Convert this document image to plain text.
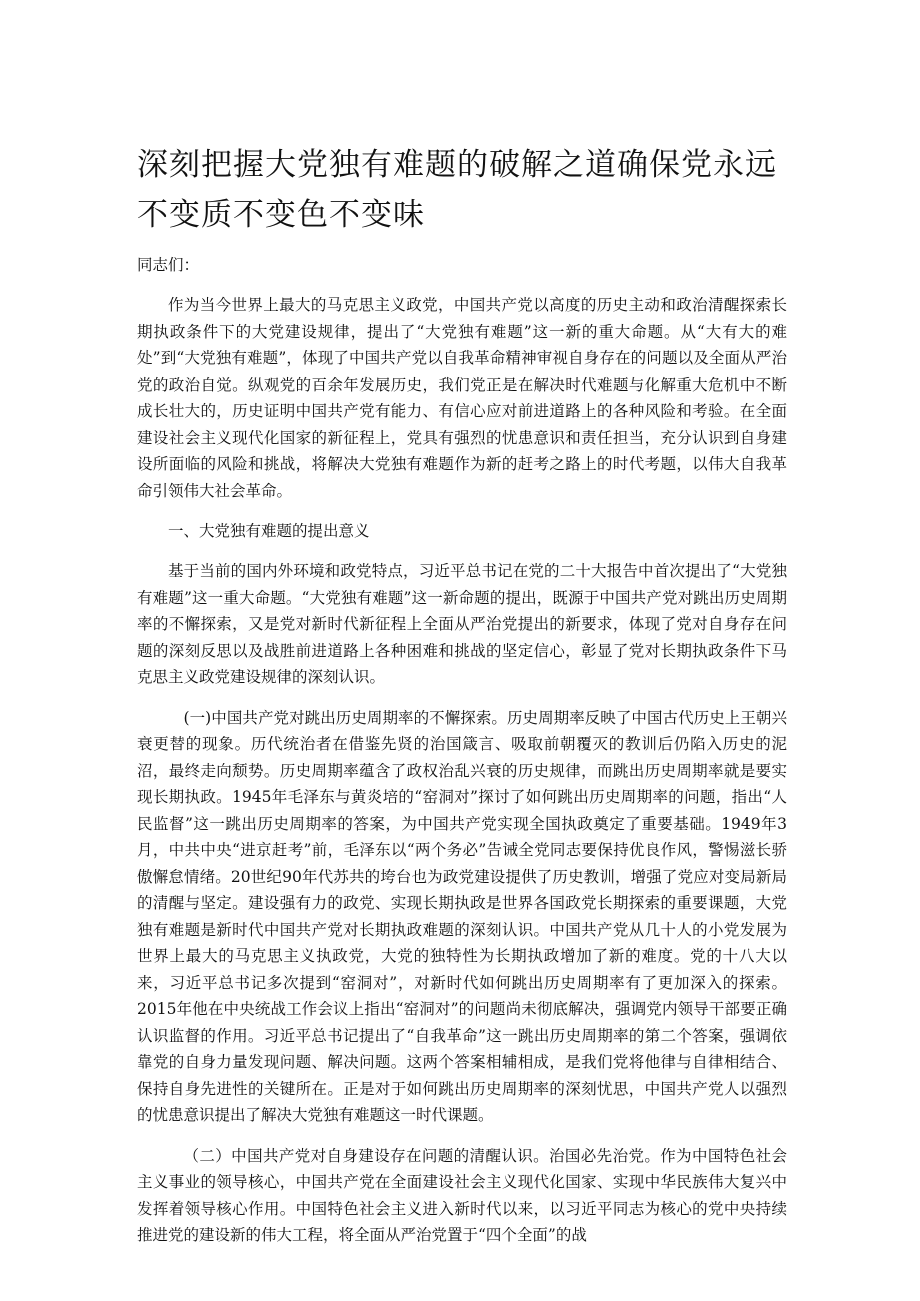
深刻把握大党独有难题的破解之道确保党永远不变质不变色不变味

同志们：

作为当今世界上最大的马克思主义政党，中国共产党以高度的历史主动和政治清醒探索长期执政条件下的大党建设规律，提出了“大党独有难题”这一新的重大命题。从“大有大的难处”到“大党独有难题”，体现了中国共产党以自我革命精神审视自身存在的问题以及全面从严治党的政治自觉。纵观党的百余年发展历史，我们党正是在解决时代难题与化解重大危机中不断成长壮大的，历史证明中国共产党有能力、有信心应对前进道路上的各种风险和考验。在全面建设社会主义现代化国家的新征程上，党具有强烈的忧患意识和责任担当，充分认识到自身建设所面临的风险和挑战，将解决大党独有难题作为新的赶考之路上的时代考题，以伟大自我革命引领伟大社会革命。

一、大党独有难题的提出意义

基于当前的国内外环境和政党特点，习近平总书记在党的二十大报告中首次提出了“大党独有难题”这一重大命题。“大党独有难题”这一新命题的提出，既源于中国共产党对跳出历史周期率的不懈探索，又是党对新时代新征程上全面从严治党提出的新要求，体现了党对自身存在问题的深刻反思以及战胜前进道路上各种困难和挑战的坚定信心，彰显了党对长期执政条件下马克思主义政党建设规律的深刻认识。

(一)中国共产党对跳出历史周期率的不懈探索。历史周期率反映了中国古代历史上王朝兴衰更替的现象。历代统治者在借鉴先贤的治国箴言、吸取前朝覆灭的教训后仍陷入历史的泥沼，最终走向颓势。历史周期率蕴含了政权治乱兴衰的历史规律，而跳出历史周期率就是要实现长期执政。1945年毛泽东与黄炎培的“窑洞对”探讨了如何跳出历史周期率的问题，指出“人民监督”这一跳出历史周期率的答案，为中国共产党实现全国执政奠定了重要基础。1949年3月，中共中央“进京赶考”前，毛泽东以“两个务必”告诫全党同志要保持优良作风，警惕滋长骄傲懈怠情绪。20世纪90年代苏共的垮台也为政党建设提供了历史教训，增强了党应对变局新局的清醒与坚定。建设强有力的政党、实现长期执政是世界各国政党长期探索的重要课题，大党独有难题是新时代中国共产党对长期执政难题的深刻认识。中国共产党从几十人的小党发展为世界上最大的马克思主义执政党，大党的独特性为长期执政增加了新的难度。党的十八大以来，习近平总书记多次提到“窑洞对”，对新时代如何跳出历史周期率有了更加深入的探索。2015年他在中央统战工作会议上指出“窑洞对”的问题尚未彻底解决，强调党内领导干部要正确认识监督的作用。习近平总书记提出了“自我革命”这一跳出历史周期率的第二个答案，强调依靠党的自身力量发现问题、解决问题。这两个答案相辅相成，是我们党将他律与自律相结合、保持自身先进性的关键所在。正是对于如何跳出历史周期率的深刻忧思，中国共产党人以强烈的忧患意识提出了解决大党独有难题这一时代课题。

（二）中国共产党对自身建设存在问题的清醒认识。治国必先治党。作为中国特色社会主义事业的领导核心，中国共产党在全面建设社会主义现代化国家、实现中华民族伟大复兴中发挥着领导核心作用。中国特色社会主义进入新时代以来，以习近平同志为核心的党中央持续推进党的建设新的伟大工程，将全面从严治党置于“四个全面”的战
